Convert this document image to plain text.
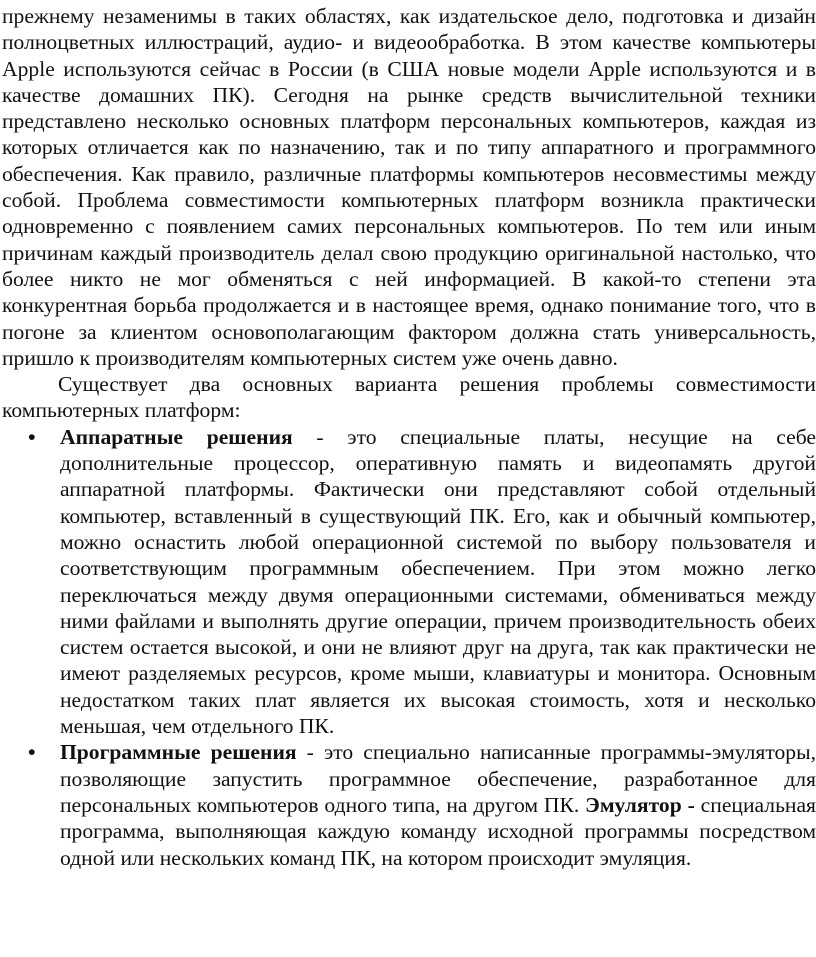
прежнему незаменимы в таких областях, как издательское дело, подготовка и дизайн полноцветных иллюстраций, аудио- и видеообработка. В этом качестве компьютеры Apple используются сейчас в России (в США новые модели Apple используются и в качестве домашних ПК). Сегодня на рынке средств вычислительной техники представлено несколько основных платформ персональных компьютеров, каждая из которых отличается как по назначению, так и по типу аппаратного и программного обеспечения. Как правило, различные платформы компьютеров несовместимы между собой. Проблема совместимости компьютерных платформ возникла практически одновременно с появлением самих персональных компьютеров. По тем или иным причинам каждый производитель делал свою продукцию оригинальной настолько, что более никто не мог обменяться с ней информацией. В какой-то степени эта конкурентная борьба продолжается и в настоящее время, однако понимание того, что в погоне за клиентом основополагающим фактором должна стать универсальность, пришло к производителям компьютерных систем уже очень давно.

Существует два основных варианта решения проблемы совместимости компьютерных платформ:

• Аппаратные решения - это специальные платы, несущие на себе дополнительные процессор, оперативную память и видеопамять другой аппаратной платформы. Фактически они представляют собой отдельный компьютер, вставленный в существующий ПК. Его, как и обычный компьютер, можно оснастить любой операционной системой по выбору пользователя и соответствующим программным обеспечением. При этом можно легко переключаться между двумя операционными системами, обмениваться между ними файлами и выполнять другие операции, причем производительность обеих систем остается высокой, и они не влияют друг на друга, так как практически не имеют разделяемых ресурсов, кроме мыши, клавиатуры и монитора. Основным недостатком таких плат является их высокая стоимость, хотя и несколько меньшая, чем отдельного ПК.
• Программные решения - это специально написанные программы-эмуляторы, позволяющие запустить программное обеспечение, разработанное для персональных компьютеров одного типа, на другом ПК. Эмулятор - специальная программа, выполняющая каждую команду исходной программы посредством одной или нескольких команд ПК, на котором происходит эмуляция.
